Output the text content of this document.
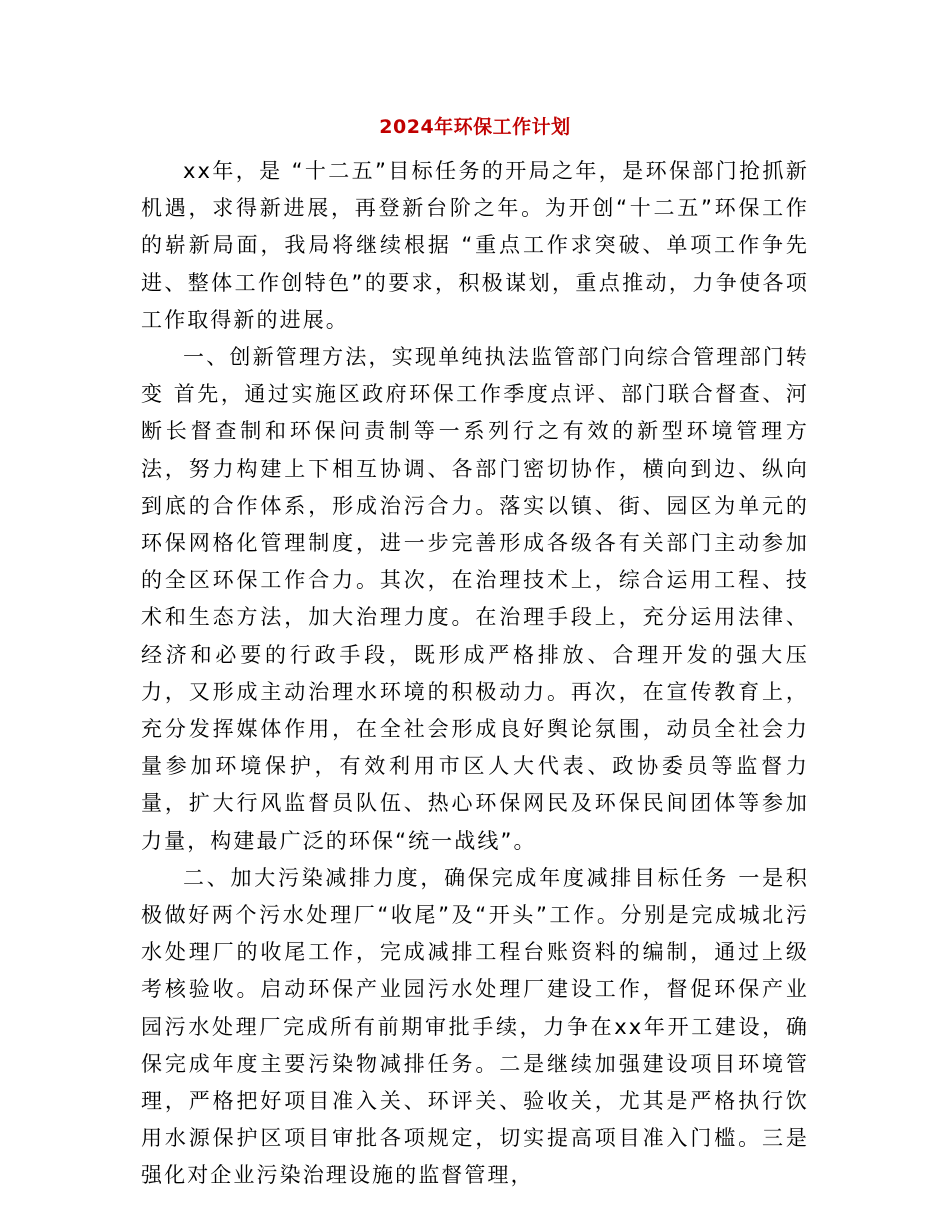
2024年环保工作计划

xx年，是 “十二五”目标任务的开局之年，是环保部门抢抓新机遇，求得新进展，再登新台阶之年。为开创“十二五”环保工作的崭新局面，我局将继续根据 “重点工作求突破、单项工作争先进、整体工作创特色”的要求，积极谋划，重点推动，力争使各项工作取得新的进展。

一、创新管理方法，实现单纯执法监管部门向综合管理部门转变 首先，通过实施区政府环保工作季度点评、部门联合督查、河断长督查制和环保问责制等一系列行之有效的新型环境管理方法，努力构建上下相互协调、各部门密切协作，横向到边、纵向到底的合作体系，形成治污合力。落实以镇、街、园区为单元的环保网格化管理制度，进一步完善形成各级各有关部门主动参加的全区环保工作合力。其次，在治理技术上，综合运用工程、技术和生态方法，加大治理力度。在治理手段上，充分运用法律、经济和必要的行政手段，既形成严格排放、合理开发的强大压力，又形成主动治理水环境的积极动力。再次，在宣传教育上，充分发挥媒体作用，在全社会形成良好舆论氛围，动员全社会力量参加环境保护，有效利用市区人大代表、政协委员等监督力量，扩大行风监督员队伍、热心环保网民及环保民间团体等参加力量，构建最广泛的环保“统一战线”。

二、加大污染减排力度，确保完成年度减排目标任务 一是积极做好两个污水处理厂“收尾”及“开头”工作。分别是完成城北污水处理厂的收尾工作，完成减排工程台账资料的编制，通过上级考核验收。启动环保产业园污水处理厂建设工作，督促环保产业园污水处理厂完成所有前期审批手续，力争在xx年开工建设，确保完成年度主要污染物减排任务。二是继续加强建设项目环境管理，严格把好项目准入关、环评关、验收关，尤其是严格执行饮用水源保护区项目审批各项规定，切实提高项目准入门槛。三是强化对企业污染治理设施的监督管理，
